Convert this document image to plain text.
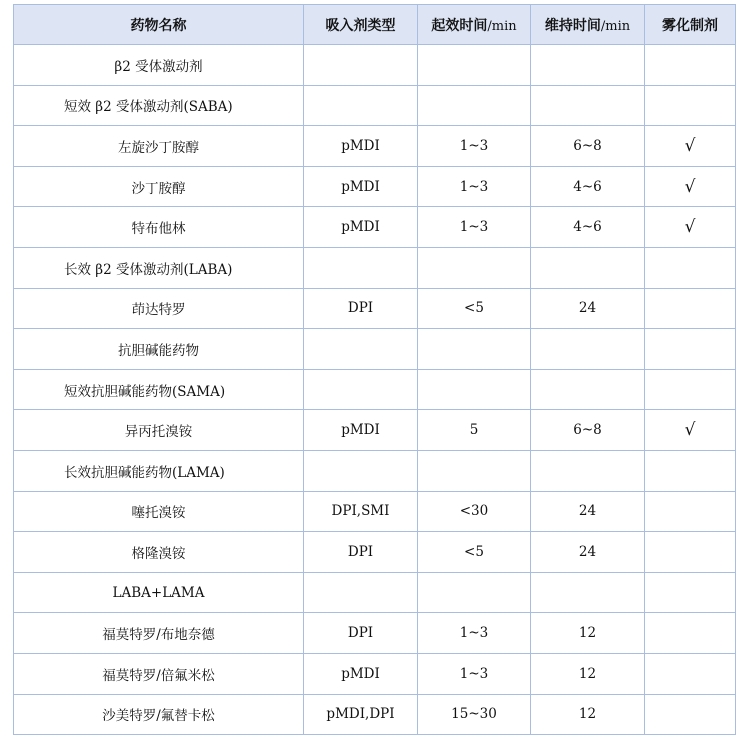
药物名称	吸入剂类型	起效时间/min	维持时间/min	雾化制剂
β2 受体激动剂				
短效 β2 受体激动剂(SABA)				
左旋沙丁胺醇	pMDI	1~3	6~8	√
沙丁胺醇	pMDI	1~3	4~6	√
特布他林	pMDI	1~3	4~6	√
长效 β2 受体激动剂(LABA)				
茚达特罗	DPI	<5	24	
抗胆碱能药物				
短效抗胆碱能药物(SAMA)				
异丙托溴铵	pMDI	5	6~8	√
长效抗胆碱能药物(LAMA)				
噻托溴铵	DPI,SMI	<30	24	
格隆溴铵	DPI	<5	24	
LABA+LAMA				
福莫特罗/布地奈德	DPI	1~3	12	
福莫特罗/倍氟米松	pMDI	1~3	12	
沙美特罗/氟替卡松	pMDI,DPI	15~30	12	
